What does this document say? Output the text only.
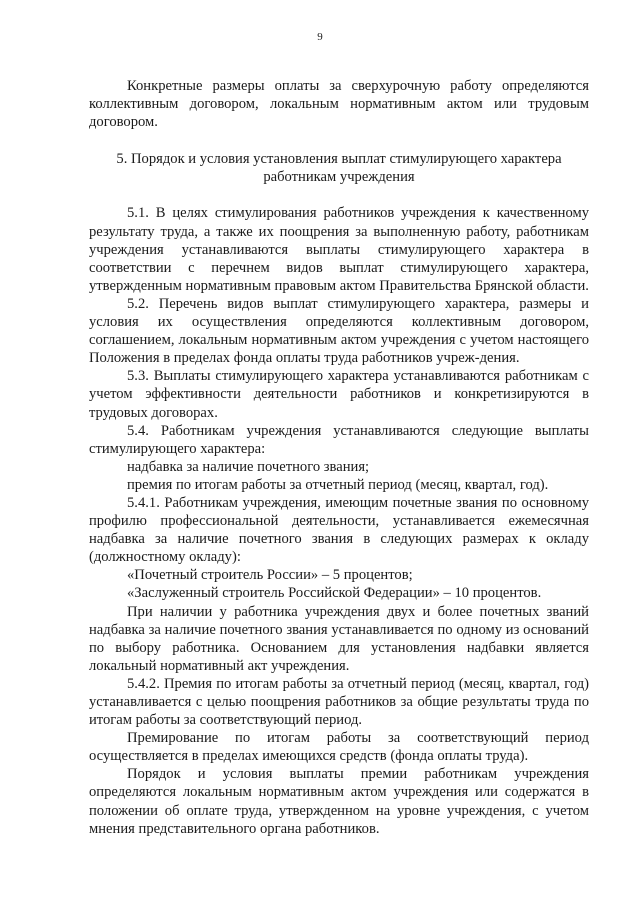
9

Конкретные размеры оплаты за сверхурочную работу определяются коллективным договором, локальным нормативным актом или трудовым договором.

5. Порядок и условия установления выплат стимулирующего характера
работникам учреждения

5.1. В целях стимулирования работников учреждения к качественному результату труда, а также их поощрения за выполненную работу, работникам учреждения устанавливаются выплаты стимулирующего характера в соответствии с перечнем видов выплат стимулирующего характера, утвержденным нормативным правовым актом Правительства Брянской области.

5.2. Перечень видов выплат стимулирующего характера, размеры и условия их осуществления определяются коллективным договором, соглашением, локальным нормативным актом учреждения с учетом настоящего Положения в пределах фонда оплаты труда работников учреж-дения.

5.3. Выплаты стимулирующего характера устанавливаются работникам с учетом эффективности деятельности работников и конкретизируются в трудовых договорах.

5.4. Работникам учреждения устанавливаются следующие выплаты стимулирующего характера:

надбавка за наличие почетного звания;

премия по итогам работы за отчетный период (месяц, квартал, год).

5.4.1. Работникам учреждения, имеющим почетные звания по основному профилю профессиональной деятельности, устанавливается ежемесячная надбавка за наличие почетного звания в следующих размерах к окладу (должностному окладу):

«Почетный строитель России» – 5 процентов;

«Заслуженный строитель Российской Федерации» – 10 процентов.

При наличии у работника учреждения двух и более почетных званий надбавка за наличие почетного звания устанавливается по одному из оснований по выбору работника. Основанием для установления надбавки является локальный нормативный акт учреждения.

5.4.2. Премия по итогам работы за отчетный период (месяц, квартал, год) устанавливается с целью поощрения работников за общие результаты труда по итогам работы за соответствующий период.

Премирование по итогам работы за соответствующий период осуществляется в пределах имеющихся средств (фонда оплаты труда).

Порядок и условия выплаты премии работникам учреждения определяются локальным нормативным актом учреждения или содержатся в положении об оплате труда, утвержденном на уровне учреждения, с учетом мнения представительного органа работников.
